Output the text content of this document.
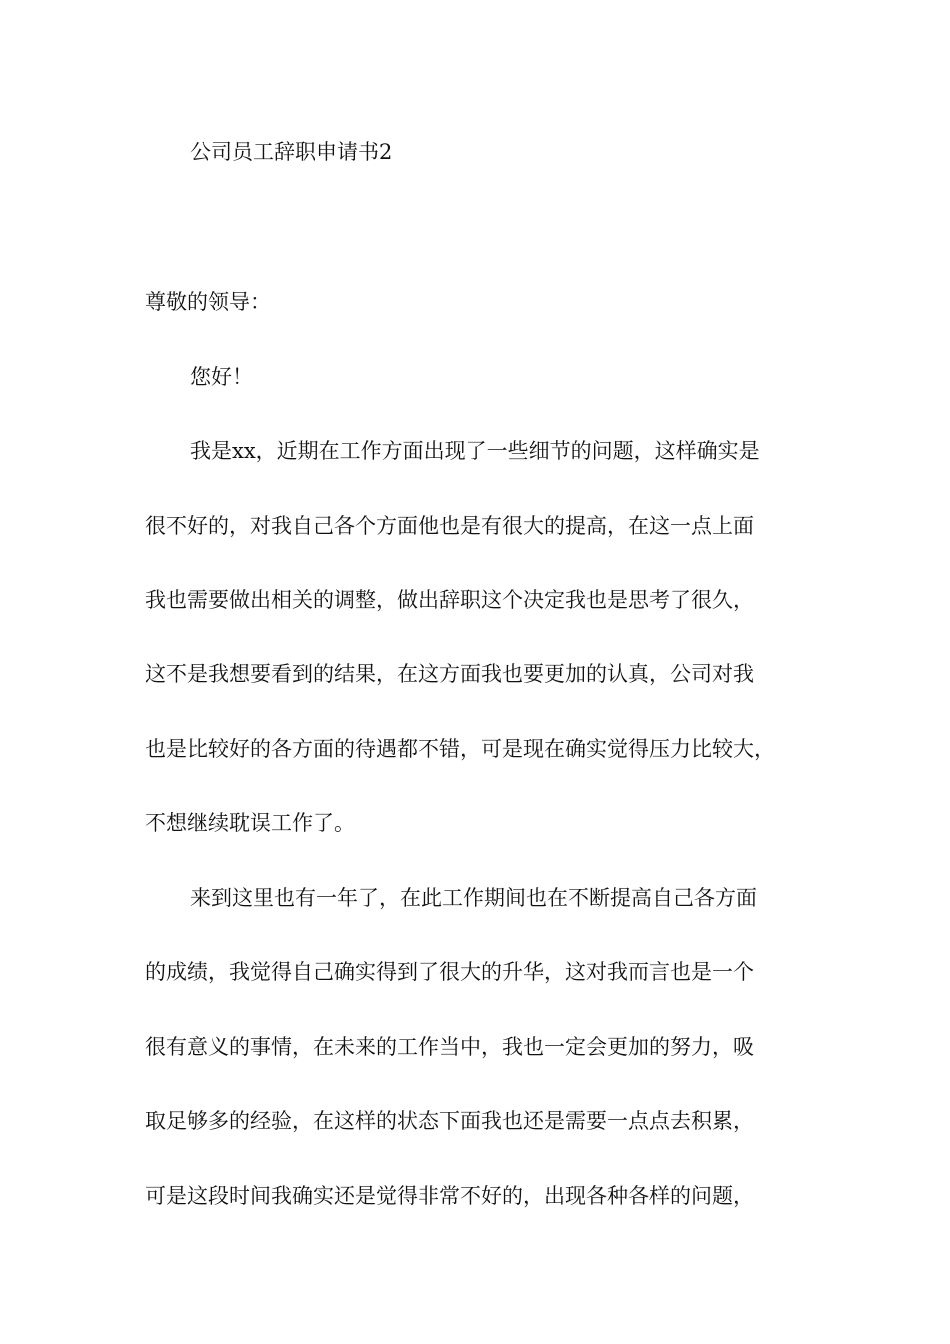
公司员工辞职申请书2
尊敬的领导：
您好！
我是xx，近期在工作方面出现了一些细节的问题，这样确实是
很不好的，对我自己各个方面他也是有很大的提高，在这一点上面
我也需要做出相关的调整，做出辞职这个决定我也是思考了很久，
这不是我想要看到的结果，在这方面我也要更加的认真，公司对我
也是比较好的各方面的待遇都不错，可是现在确实觉得压力比较大，
不想继续耽误工作了。
来到这里也有一年了，在此工作期间也在不断提高自己各方面
的成绩，我觉得自己确实得到了很大的升华，这对我而言也是一个
很有意义的事情，在未来的工作当中，我也一定会更加的努力，吸
取足够多的经验，在这样的状态下面我也还是需要一点点去积累，
可是这段时间我确实还是觉得非常不好的，出现各种各样的问题，
